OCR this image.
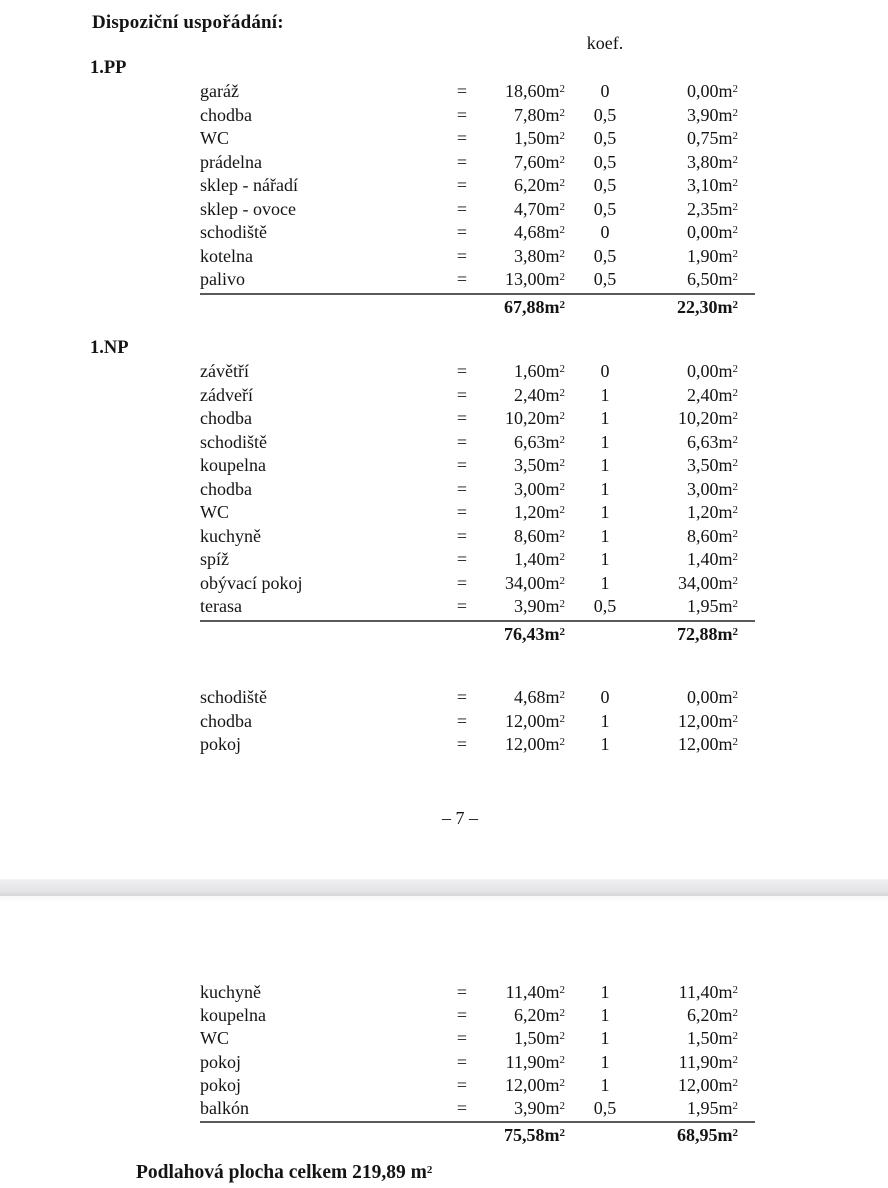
Dispoziční uspořádání:
koef.
1.PP
garáž	=	$18,60m^2$	0	$0,00m^2$
chodba	=	$7,80m^2$	0,5	$3,90m^2$
WC	=	$1,50m^2$	0,5	$0,75m^2$
prádelna	=	$7,60m^2$	0,5	$3,80m^2$
sklep - nářadí	=	$6,20m^2$	0,5	$3,10m^2$
sklep - ovoce	=	$4,70m^2$	0,5	$2,35m^2$
schodiště	=	$4,68m^2$	0	$0,00m^2$
kotelna	=	$3,80m^2$	0,5	$1,90m^2$
palivo	=	$13,00m^2$	0,5	$6,50m^2$
$67,88m^2$	$22,30m^2$
1.NP
závětří	=	$1,60m^2$	0	$0,00m^2$
zádveří	=	$2,40m^2$	1	$2,40m^2$
chodba	=	$10,20m^2$	1	$10,20m^2$
schodiště	=	$6,63m^2$	1	$6,63m^2$
koupelna	=	$3,50m^2$	1	$3,50m^2$
chodba	=	$3,00m^2$	1	$3,00m^2$
WC	=	$1,20m^2$	1	$1,20m^2$
kuchyně	=	$8,60m^2$	1	$8,60m^2$
spíž	=	$1,40m^2$	1	$1,40m^2$
obývací pokoj	=	$34,00m^2$	1	$34,00m^2$
terasa	=	$3,90m^2$	0,5	$1,95m^2$
$76,43m^2$	$72,88m^2$
schodiště	=	$4,68m^2$	0	$0,00m^2$
chodba	=	$12,00m^2$	1	$12,00m^2$
pokoj	=	$12,00m^2$	1	$12,00m^2$
– 7 –
kuchyně	=	$11,40m^2$	1	$11,40m^2$
koupelna	=	$6,20m^2$	1	$6,20m^2$
WC	=	$1,50m^2$	1	$1,50m^2$
pokoj	=	$11,90m^2$	1	$11,90m^2$
pokoj	=	$12,00m^2$	1	$12,00m^2$
balkón	=	$3,90m^2$	0,5	$1,95m^2$
$75,58m^2$	$68,95m^2$
Podlahová plocha celkem 219,89 $m^2$
